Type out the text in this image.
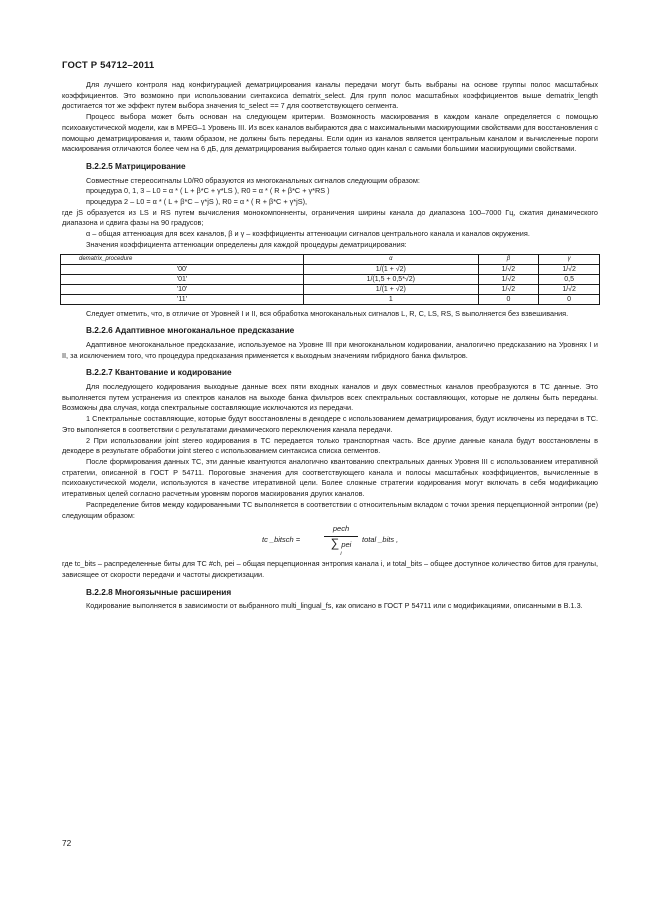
ГОСТ Р 54712–2011

Для лучшего контроля над конфигурацией дематрицирования каналы передачи могут быть выбраны на основе группы полос масштабных коэффициентов. Это возможно при использовании синтаксиса dematrix_select. Для групп полос масштабных коэффициентов выше dematrix_length достигается тот же эффект путем выбора значения tc_select == 7 для соответствующего сегмента.

Процесс выбора может быть основан на следующем критерии. Возможность маскирования в каждом канале определяется с помощью психоакустической модели, как в MPEG–1 Уровень III. Из всех каналов выбираются два с максимальными маскирующими свойствами для восстановления с помощью дематрицирования и, таким образом, не должны быть переданы. Если один из каналов является центральным каналом и вычисленные пороги маскирования отличаются более чем на 6 дБ, для дематрицирования выбирается только один канал с самыми большими маскирующими свойствами.

В.2.2.5 Матрицирование

Совместные стереосигналы L0/R0 образуются из многоканальных сигналов следующим образом:

процедура 0, 1, 3 – L0 = α * ( L + β*C + γ*LS ), R0 = α * ( R + β*C + γ*RS )

процедура 2 – L0 = α * ( L + β*C – γ*jS ), R0 = α * ( R + β*C + γ*jS),

где jS образуется из LS и RS путем вычисления монокомпонненты, ограничения ширины канала до диапазона 100–7000 Гц, сжатия динамического диапазона и сдвига фазы на 90 градусов;

α – общая аттенюация для всех каналов, β и γ – коэффициенты аттенюации сигналов центрального канала и каналов окружения.

Значения коэффициента аттенюации определены для каждой процедуры дематрицирования:

dematrix_procedure	α	β	γ
'00'	1/(1 + √2)	1/√2	1/√2
'01'	1/(1,5 + 0,5*√2)	1/√2	0,5
'10'	1/(1 + √2)	1/√2	1/√2
'11'	1	0	0

Следует отметить, что, в отличие от Уровней I и II, вся обработка многоканальных сигналов L, R, C, LS, RS, S выполняется без взвешивания.

В.2.2.6 Адаптивное многоканальное предсказание

Адаптивное многоканальное предсказание, используемое на Уровне III при многоканальном кодировании, аналогично предсказанию на Уровнях I и II, за исключением того, что процедура предсказания применяется к выходным значениям гибридного банка фильтров.

В.2.2.7 Квантование и кодирование

Для последующего кодирования выходные данные всех пяти входных каналов и двух совместных каналов преобразуются в TC данные. Это выполняется путем устранения из спектров каналов на выходе банка фильтров всех спектральных составляющих, которые не должны быть переданы. Возможны два случая, когда спектральные составляющие исключаются из передачи.

1 Спектральные составляющие, которые будут восстановлены в декодере с использованием дематрицирования, будут исключены из передачи в TC. Это выполняется в соответствии с результатами динамического переключения канала передачи.

2 При использовании joint stereo кодирования в TC передается только транспортная часть. Все другие данные канала будут восстановлены в декодере в результате обработки joint stereo с использованием синтаксиса списка сегментов.

После формирования данных TC, эти данные квантуются аналогично квантованию спектральных данных Уровня III с использованием итеративной стратегии, описанной в ГОСТ Р 54711. Пороговые значения для соответствующего канала и полосы масштабных коэффициентов, вычисленные в психоакустической модели, используются в качестве итеративной цели. Более сложные стратегии кодирования могут включать в себя модификацию итеративных целей согласно расчетным уровням порогов маскирования других каналов.

Распределение битов между кодированными TC выполняется в соответствии с относительным вкладом с точки зрения перцепционной энтропии (pe) следующим образом:

tc _bitsch =
pech
∑ pei
i
total _bits ,

где tc_bits – распределенные биты для TC #ch, pei – общая перцепционная энтропия канала i, и total_bits – общее доступное количество битов для гранулы, зависящее от скорости передачи и частоты дискретизации.

В.2.2.8 Многоязычные расширения

Кодирование выполняется в зависимости от выбранного multi_lingual_fs, как описано в ГОСТ Р 54711 или с модификациями, описанными в В.1.3.

72
